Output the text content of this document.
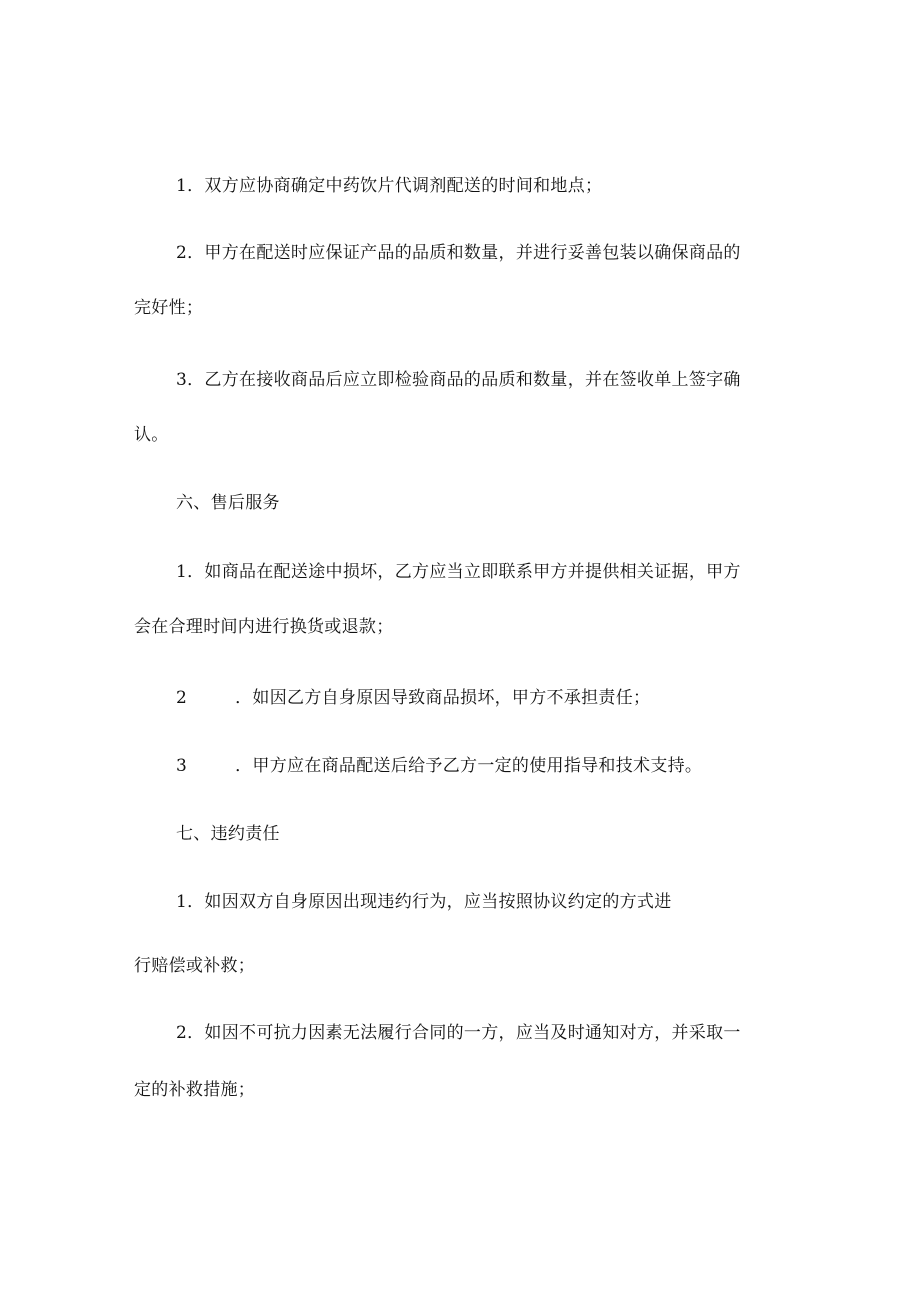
1．双方应协商确定中药饮片代调剂配送的时间和地点；
2．甲方在配送时应保证产品的品质和数量，并进行妥善包装以确保商品的
完好性；
3．乙方在接收商品后应立即检验商品的品质和数量，并在签收单上签字确
认。
六、售后服务
1．如商品在配送途中损坏，乙方应当立即联系甲方并提供相关证据，甲方
会在合理时间内进行换货或退款；
2	．如因乙方自身原因导致商品损坏，甲方不承担责任；
3	．甲方应在商品配送后给予乙方一定的使用指导和技术支持。
七、违约责任
1．如因双方自身原因出现违约行为，应当按照协议约定的方式进
行赔偿或补救；
2．如因不可抗力因素无法履行合同的一方，应当及时通知对方，并采取一
定的补救措施；
